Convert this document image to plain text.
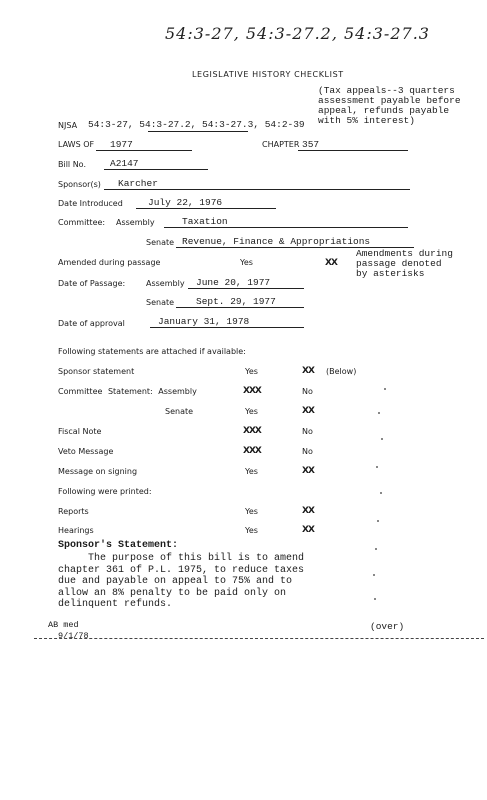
54:3-27, 54:3-27.2, 54:3-27.3
LEGISLATIVE HISTORY CHECKLIST
(Tax appeals--3 quarters
assessment payable before
appeal, refunds payable
with 5% interest)
NJSA 54:3-27, 54:3-27.2, 54:3-27.3, 54:2-39
LAWS OF 1977	CHAPTER 357
Bill No.	A2147
Sponsor(s) Karcher
Date Introduced	July 22, 1976
Committee: Assembly	Taxation
Senate Revenue, Finance & Appropriations
Amended during passage	Yes	XX
Amendments during
passage denoted
by asterisks
Date of Passage:	Assembly June 20, 1977
Senate Sept. 29, 1977
Date of approval	January 31, 1978
Following statements are attached if available:
Sponsor statement	Yes	XX (Below)
Committee Statement: Assembly	XXX	No
Senate	Yes	XX
Fiscal Note	XXX	No
Veto Message	XXX	No
Message on signing	Yes	XX
Following were printed:
Reports	Yes	XX
Hearings	Yes	XX
Sponsor's Statement:
The purpose of this bill is to amend
chapter 361 of P.L. 1975, to reduce taxes
due and payable on appeal to 75% and to
allow an 8% penalty to be paid only on
delinquent refunds.
AB med
9/1/78
(over)
